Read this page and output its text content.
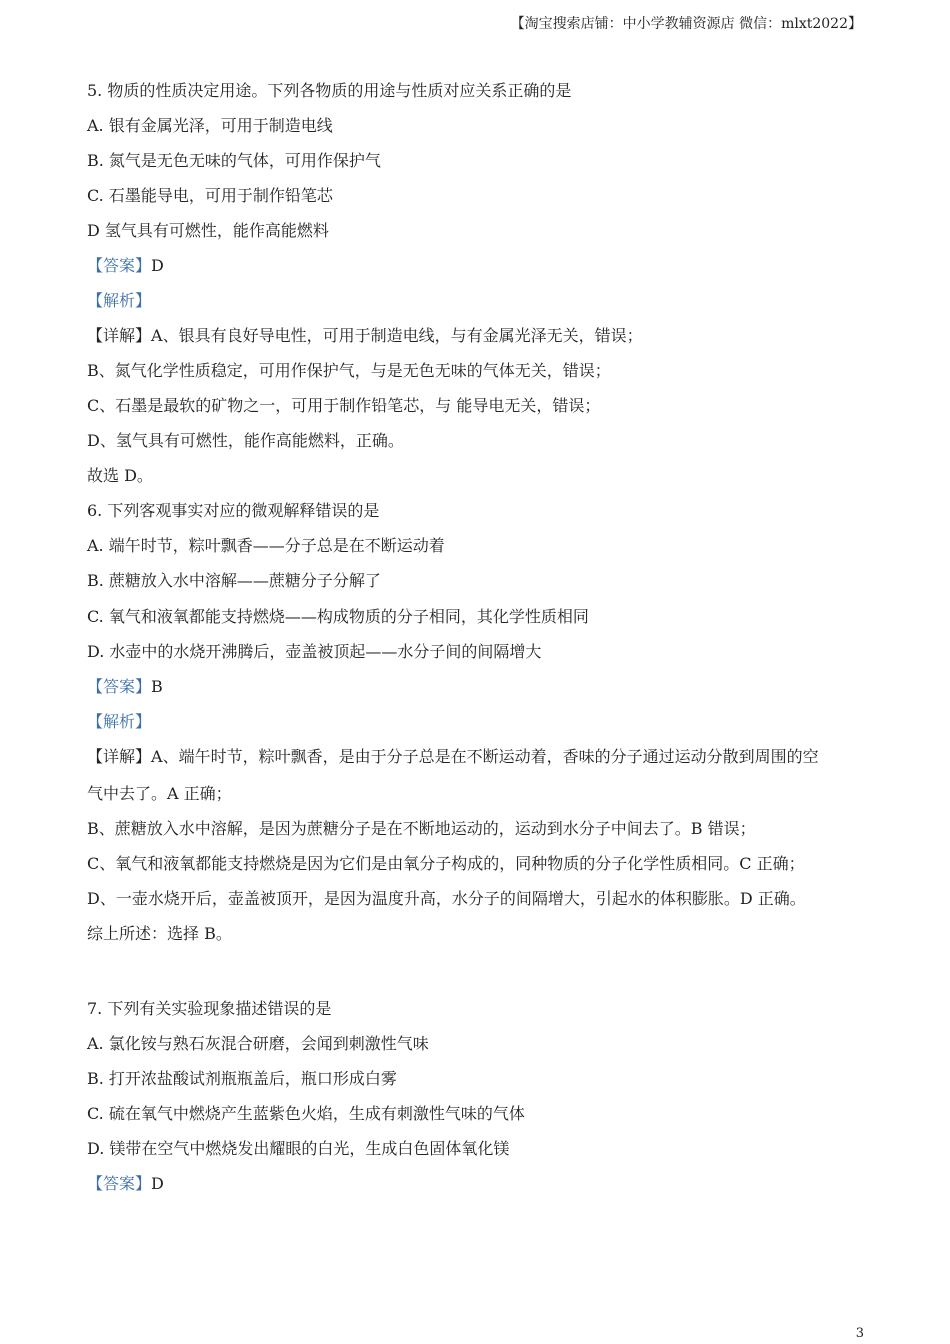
【淘宝搜索店铺：中小学教辅资源店 微信：mlxt2022】
5. 物质的性质决定用途。下列各物质的用途与性质对应关系正确的是
A. 银有金属光泽，可用于制造电线
B. 氮气是无色无味的气体，可用作保护气
C. 石墨能导电，可用于制作铅笔芯
D 氢气具有可燃性，能作高能燃料
【答案】D
【解析】
【详解】A、银具有良好导电性，可用于制造电线，与有金属光泽无关，错误；
B、氮气化学性质稳定，可用作保护气，与是无色无味的气体无关，错误；
C、石墨是最软的矿物之一，可用于制作铅笔芯，与 能导电无关，错误；
D、氢气具有可燃性，能作高能燃料，正确。
故选 D。
6. 下列客观事实对应的微观解释错误的是
A. 端午时节，粽叶飘香——分子总是在不断运动着
B. 蔗糖放入水中溶解——蔗糖分子分解了
C. 氧气和液氧都能支持燃烧——构成物质的分子相同，其化学性质相同
D. 水壶中的水烧开沸腾后，壶盖被顶起——水分子间的间隔增大
【答案】B
【解析】
【详解】A、端午时节，粽叶飘香，是由于分子总是在不断运动着，香味的分子通过运动分散到周围的空
气中去了。A 正确；
B、蔗糖放入水中溶解，是因为蔗糖分子是在不断地运动的，运动到水分子中间去了。B 错误；
C、氧气和液氧都能支持燃烧是因为它们是由氧分子构成的，同种物质的分子化学性质相同。C 正确；
D、一壶水烧开后，壶盖被顶开，是因为温度升高，水分子的间隔增大，引起水的体积膨胀。D 正确。
综上所述：选择 B。
7. 下列有关实验现象描述错误的是
A. 氯化铵与熟石灰混合研磨，会闻到刺激性气味
B. 打开浓盐酸试剂瓶瓶盖后，瓶口形成白雾
C. 硫在氧气中燃烧产生蓝紫色火焰，生成有刺激性气味的气体
D. 镁带在空气中燃烧发出耀眼的白光，生成白色固体氧化镁
【答案】D
3
